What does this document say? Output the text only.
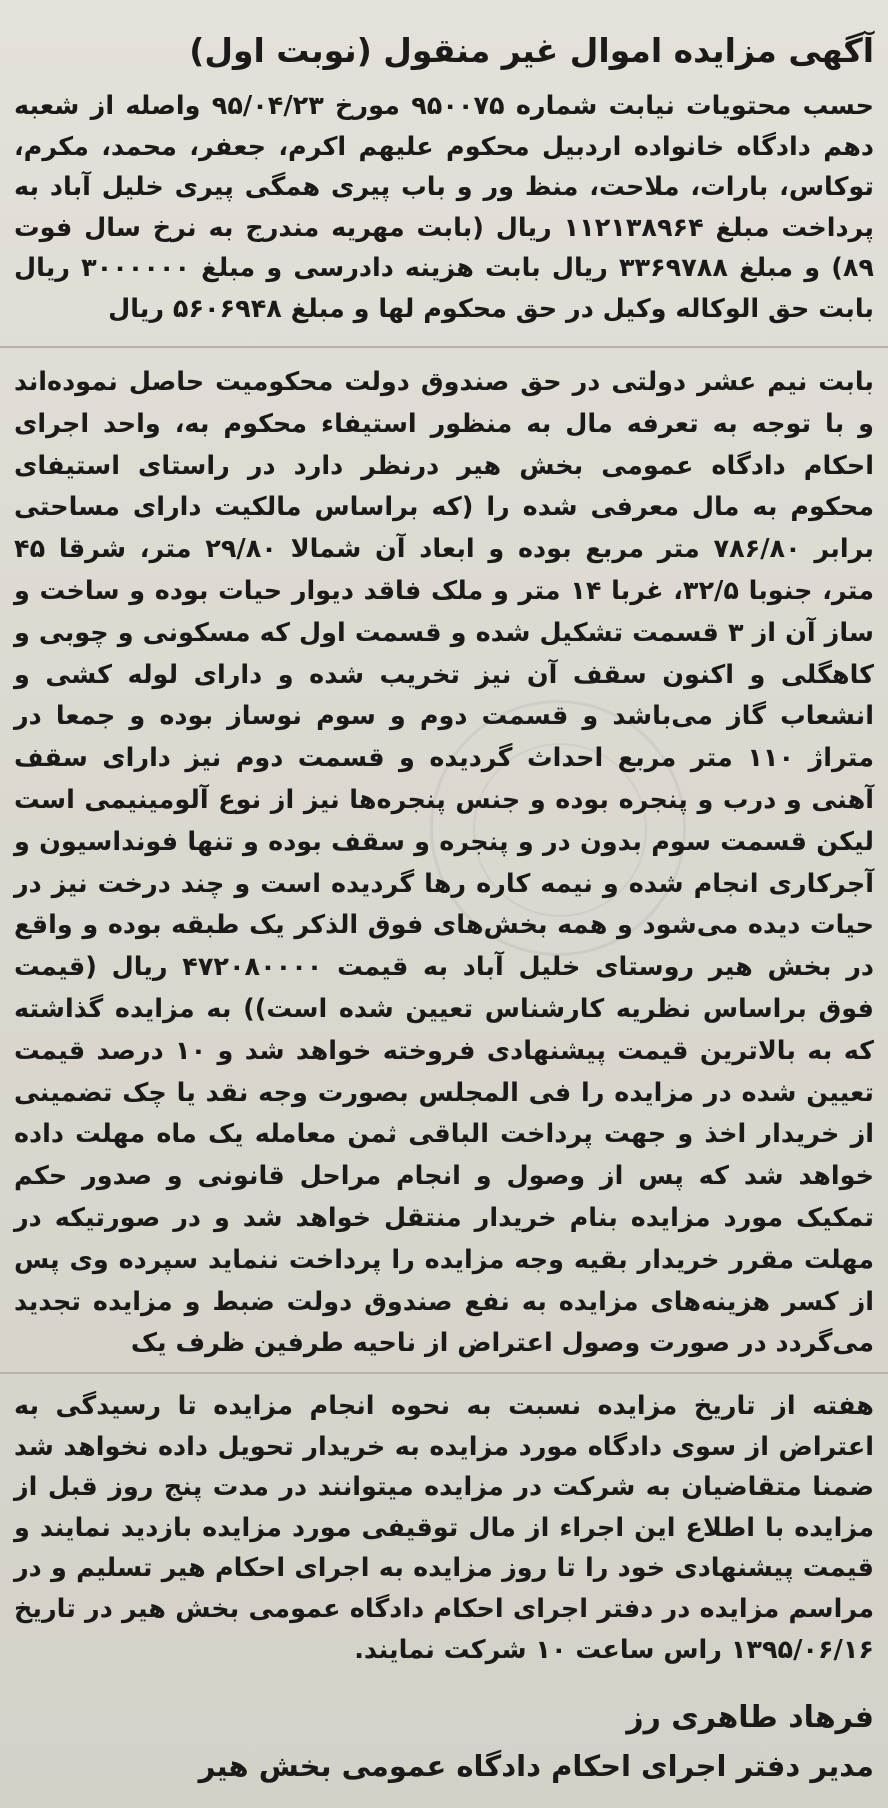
آگهی مزایده اموال غیر منقول (نوبت اول)
حسب محتویات نیابت شماره ۹۵۰۰۷۵ مورخ ۹۵/۰۴/۲۳ واصله از شعبه دهم دادگاه خانواده اردبیل محکوم علیهم اکرم، جعفر، محمد، مکرم، توکاس، بارات، ملاحت، منظ ور و باب پیری همگی پیری خلیل آباد به پرداخت مبلغ ۱۱۲۱۳۸۹۶۴ ریال (بابت مهریه مندرج به نرخ سال فوت ۸۹) و مبلغ ۳۳۶۹۷۸۸ ریال بابت هزینه دادرسی و مبلغ ۳۰۰۰۰۰۰ ریال بابت حق الوکاله وکیل در حق محکوم لها و مبلغ ۵۶۰۶۹۴۸ ریال
بابت نیم عشر دولتی در حق صندوق دولت محکومیت حاصل نموده‌اند و با توجه به تعرفه مال به منظور استیفاء محکوم به، واحد اجرای احکام دادگاه عمومی بخش هیر درنظر دارد در راستای استیفای محکوم به مال معرفی شده را (که براساس مالکیت دارای مساحتی برابر ۷۸۶/۸۰ متر مربع بوده و ابعاد آن شمالا ۲۹/۸۰ متر، شرقا ۴۵ متر، جنوبا ۳۲/۵، غربا ۱۴ متر و ملک فاقد دیوار حیات بوده و ساخت و ساز آن از ۳ قسمت تشکیل شده و قسمت اول که مسکونی و چوبی و کاهگلی و اکنون سقف آن نیز تخریب شده و دارای لوله کشی و انشعاب گاز می‌باشد و قسمت دوم و سوم نوساز بوده و جمعا در متراژ ۱۱۰ متر مربع احداث گردیده و قسمت دوم نیز دارای سقف آهنی و درب و پنجره بوده و جنس پنجره‌ها نیز از نوع آلومینیمی است لیکن قسمت سوم بدون در و پنجره و سقف بوده و تنها فونداسیون و آجرکاری انجام شده و نیمه کاره رها گردیده است و چند درخت نیز در حیات دیده می‌شود و همه بخش‌های فوق الذکر یک طبقه بوده و واقع در بخش هیر روستای خلیل آباد به قیمت ۴۷۲۰۸۰۰۰۰ ریال (قیمت فوق براساس نظریه کارشناس تعیین شده است)) به مزایده گذاشته که به بالاترین قیمت پیشنهادی فروخته خواهد شد و ۱۰ درصد قیمت تعیین شده در مزایده را فی المجلس بصورت وجه نقد یا چک تضمینی از خریدار اخذ و جهت پرداخت الباقی ثمن معامله یک ماه مهلت داده خواهد شد که پس از وصول و انجام مراحل قانونی و صدور حکم تمکیک مورد مزایده بنام خریدار منتقل خواهد شد و در صورتیکه در مهلت مقرر خریدار بقیه وجه مزایده را پرداخت ننماید سپرده وی پس از کسر هزینه‌های مزایده به نفع صندوق دولت ضبط و مزایده تجدید می‌گردد در صورت وصول اعتراض از ناحیه طرفین ظرف یک
هفته از تاریخ مزایده نسبت به نحوه انجام مزایده تا رسیدگی به اعتراض از سوی دادگاه مورد مزایده به خریدار تحویل داده نخواهد شد ضمنا متقاضیان به شرکت در مزایده میتوانند در مدت پنج روز قبل از مزایده با اطلاع این اجراء از مال توقیفی مورد مزایده بازدید نمایند و قیمت پیشنهادی خود را تا روز مزایده به اجرای احکام هیر تسلیم و در مراسم مزایده در دفتر اجرای احکام دادگاه عمومی بخش هیر در تاریخ ۱۳۹۵/۰۶/۱۶ راس ساعت ۱۰ شرکت نمایند.
فرهاد طاهری رز
مدیر دفتر اجرای احکام دادگاه عمومی بخش هیر
